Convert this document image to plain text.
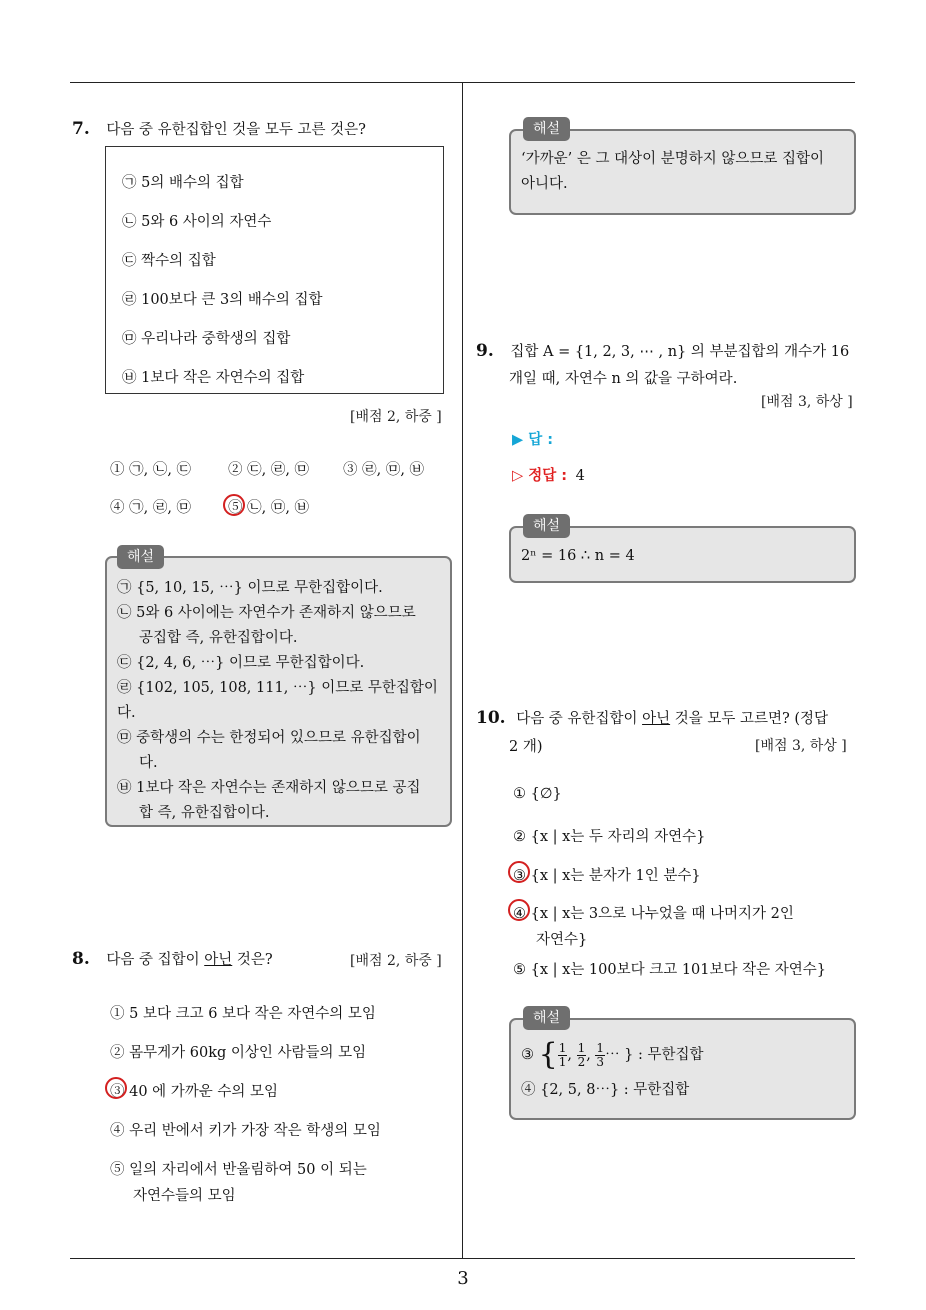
3
7. 다음 중 유한집합인 것을 모두 고른 것은?
㉠ 5의 배수의 집합
㉡ 5와 6 사이의 자연수
㉢ 짝수의 집합
㉣ 100보다 큰 3의 배수의 집합
㉤ 우리나라 중학생의 집합
㉥ 1보다 작은 자연수의 집합
[배점 2, 하중 ]
① ㉠, ㉡, ㉢	② ㉢, ㉣, ㉤ ③ ㉣, ㉤, ㉥
④ ㉠, ㉣, ㉤	⑤ ㉡, ㉤, ㉥
㉠ {5, 10, 15, ⋯} 이므로 무한집합이다.
㉡ 5와 6 사이에는 자연수가 존재하지 않으므로
공집합 즉, 유한집합이다.
㉢ {2, 4, 6, ⋯} 이므로 무한집합이다.
㉣ {102, 105, 108, 111, ⋯} 이므로 무한집합이다.
㉤ 중학생의 수는 한정되어 있으므로 유한집합이
다.
㉥ 1보다 작은 자연수는 존재하지 않으므로 공집
합 즉, 유한집합이다.
해설
8. 다음 중 집합이 아닌 것은?	[배점 2, 하중 ]
① 5 보다 크고 6 보다 작은 자연수의 모임
② 몸무게가 60kg 이상인 사람들의 모임
③ 40 에 가까운 수의 모임
④ 우리 반에서 키가 가장 작은 학생의 모임
⑤ 일의 자리에서 반올림하여 50 이 되는
자연수들의 모임
‘가까운’ 은 그 대상이 분명하지 않으므로 집합이
아니다.
해설
9. 집합 A = {1, 2, 3, ⋯ , n} 의 부분집합의 개수가 16
개일 때, 자연수 n 의 값을 구하여라.
[배점 3, 하상 ]
▶ 답 :
▷ 정답 : 4
2ⁿ = 16 ∴ n = 4
해설
10. 다음 중 유한집합이 아닌 것을 모두 고르면? (정답
2 개)	[배점 3, 하상 ]
① {∅}
② {x | x는 두 자리의 자연수}
③ {x | x는 분자가 1인 분수}
④ {x | x는 3으로 나누었을 때 나머지가 2인
자연수}
⑤ {x | x는 100보다 크고 101보다 작은 자연수}
③ { $\frac{1}{1}$ , $\frac{1}{2}$ , $\frac{1}{3}$ ⋯ } : 무한집합
④ {2, 5, 8⋯} : 무한집합
해설
